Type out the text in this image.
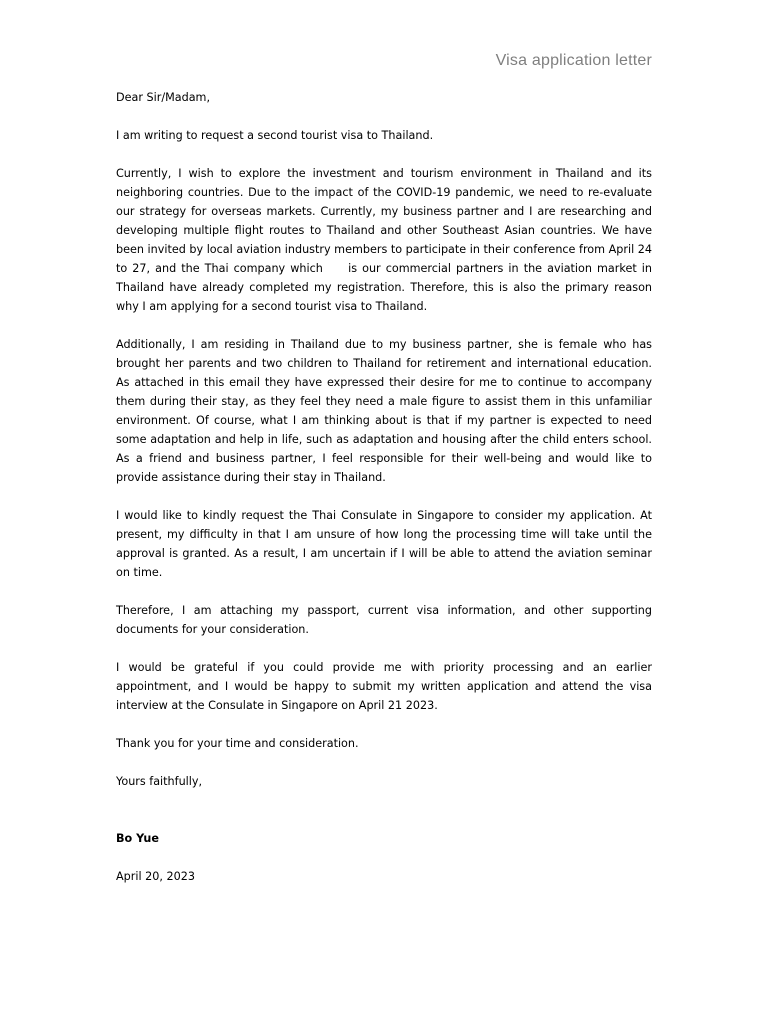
Visa application letter

Dear Sir/Madam,

I am writing to request a second tourist visa to Thailand.

Currently, I wish to explore the investment and tourism environment in Thailand and its neighboring countries. Due to the impact of the COVID-19 pandemic, we need to re-evaluate our strategy for overseas markets. Currently, my business partner and I are researching and developing multiple flight routes to Thailand and other Southeast Asian countries. We have been invited by local aviation industry members to participate in their conference from April 24 to 27, and the Thai company which     is our commercial partners in the aviation market in Thailand have already completed my registration. Therefore, this is also the primary reason why I am applying for a second tourist visa to Thailand.

Additionally, I am residing in Thailand due to my business partner, she is female who has brought her parents and two children to Thailand for retirement and international education. As attached in this email they have expressed their desire for me to continue to accompany them during their stay, as they feel they need a male figure to assist them in this unfamiliar environment. Of course, what I am thinking about is that if my partner is expected to need some adaptation and help in life, such as adaptation and housing after the child enters school. As a friend and business partner, I feel responsible for their well-being and would like to provide assistance during their stay in Thailand.

I would like to kindly request the Thai Consulate in Singapore to consider my application. At present, my difficulty in that I am unsure of how long the processing time will take until the approval is granted. As a result, I am uncertain if I will be able to attend the aviation seminar on time.

Therefore, I am attaching my passport, current visa information, and other supporting documents for your consideration.

I would be grateful if you could provide me with priority processing and an earlier appointment, and I would be happy to submit my written application and attend the visa interview at the Consulate in Singapore on April 21 2023.

Thank you for your time and consideration.

Yours faithfully,

Bo Yue

April 20, 2023
